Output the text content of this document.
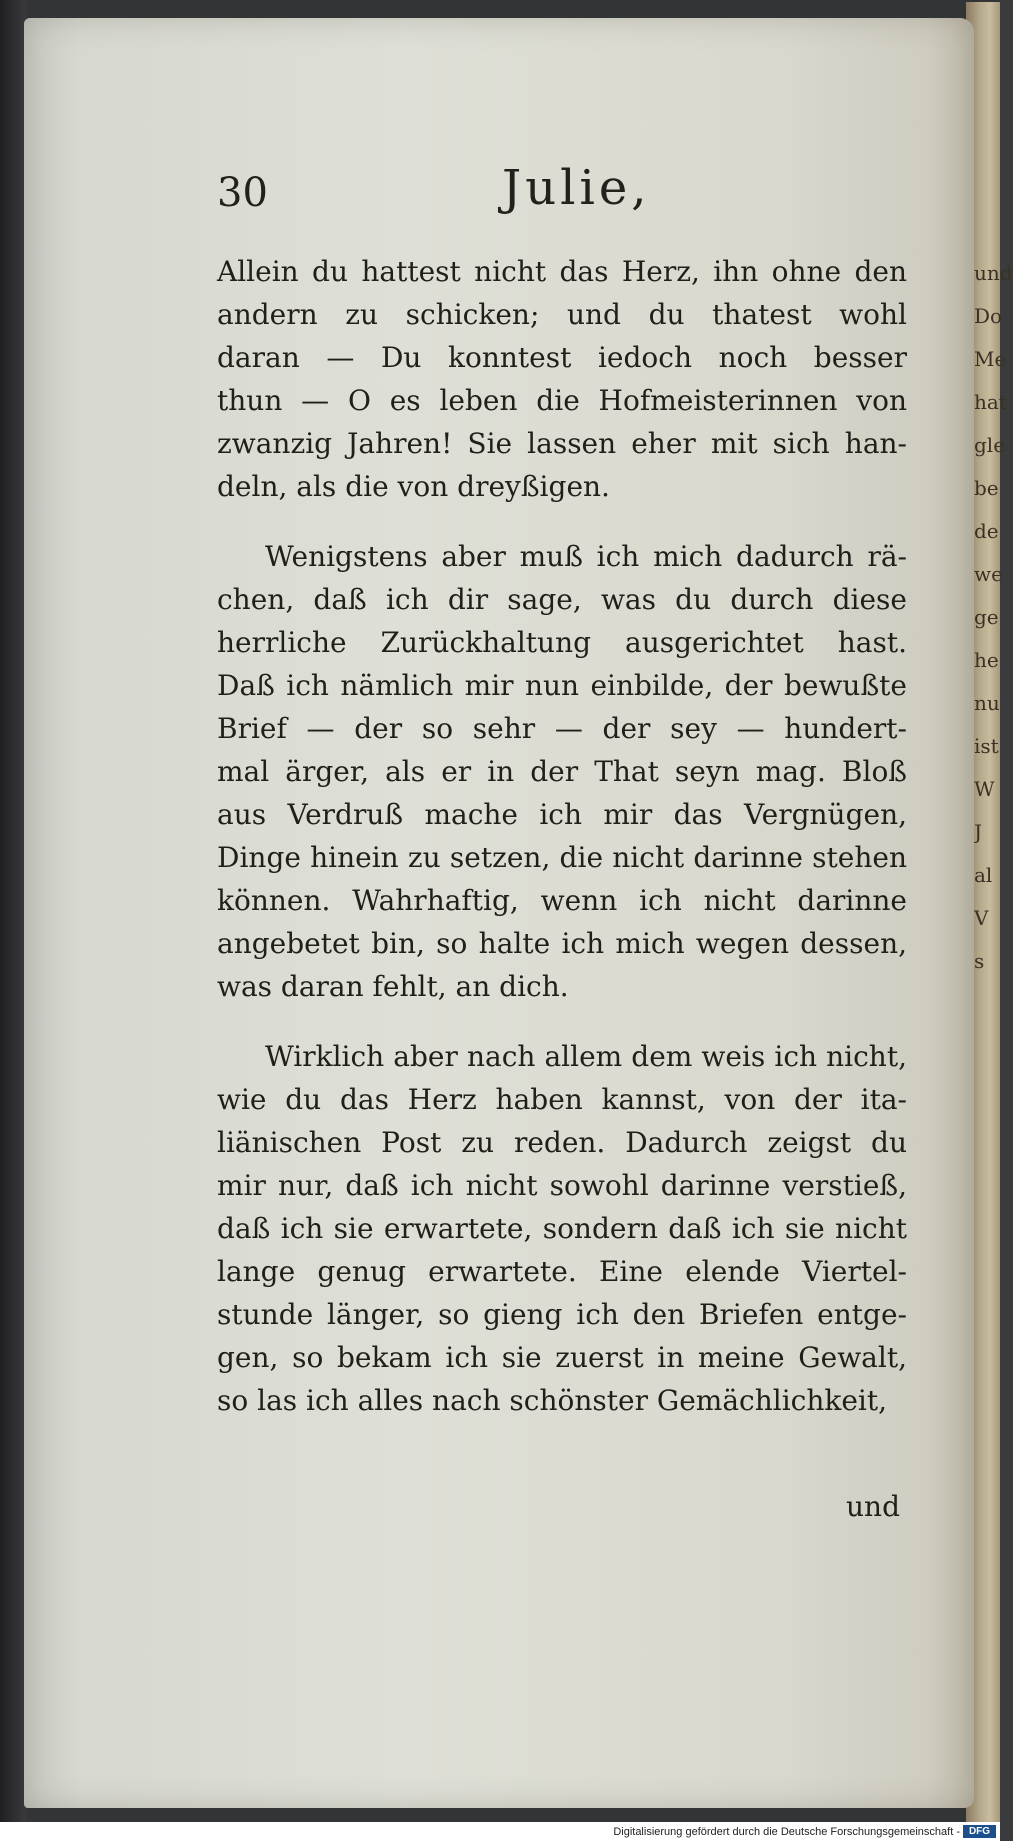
und
Do
Me
hat
gle
be
de
we
ge
he
nu
ist
W
J
al
V
s
30	Julie,
Allein du hattest nicht das Herz, ihn ohne den
andern zu schicken; und du thatest wohl
daran — Du konntest iedoch noch besser
thun — O es leben die Hofmeisterinnen von
zwanzig Jahren! Sie lassen eher mit sich han-
deln, als die von dreyßigen.
Wenigstens aber muß ich mich dadurch rä-
chen, daß ich dir sage, was du durch diese
herrliche Zurückhaltung ausgerichtet hast.
Daß ich nämlich mir nun einbilde, der bewußte
Brief — der so sehr — der sey — hundert-
mal ärger, als er in der That seyn mag. Bloß
aus Verdruß mache ich mir das Vergnügen,
Dinge hinein zu setzen, die nicht darinne stehen
können. Wahrhaftig, wenn ich nicht darinne
angebetet bin, so halte ich mich wegen dessen,
was daran fehlt, an dich.
Wirklich aber nach allem dem weis ich nicht,
wie du das Herz haben kannst, von der ita-
liänischen Post zu reden. Dadurch zeigst du
mir nur, daß ich nicht sowohl darinne verstieß,
daß ich sie erwartete, sondern daß ich sie nicht
lange genug erwartete. Eine elende Viertel-
stunde länger, so gieng ich den Briefen entge-
gen, so bekam ich sie zuerst in meine Gewalt,
so las ich alles nach schönster Gemächlichkeit,
und
Digitalisierung gefördert durch die Deutsche Forschungsgemeinschaft - DFG
